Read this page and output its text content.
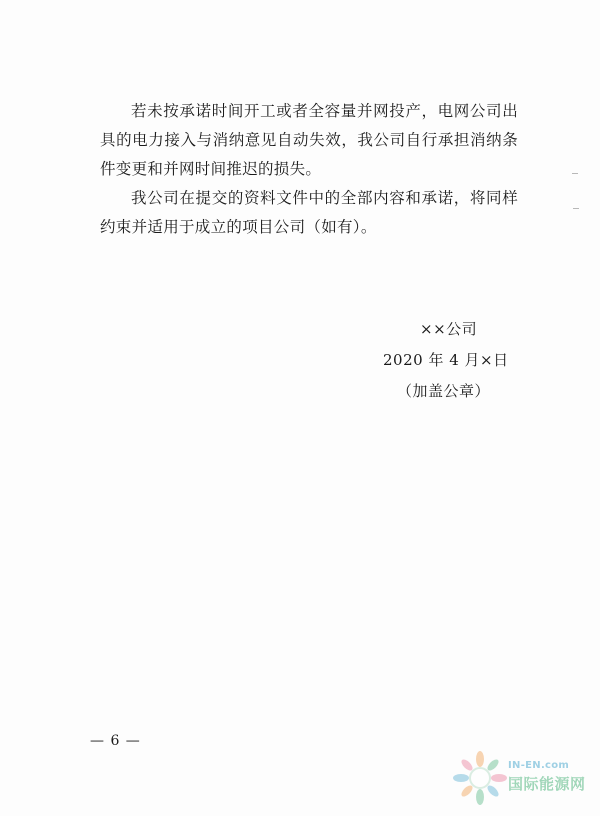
若未按承诺时间开工或者全容量并网投产，电网公司出具的电力接入与消纳意见自动失效，我公司自行承担消纳条件变更和并网时间推迟的损失。

我公司在提交的资料文件中的全部内容和承诺，将同样约束并适用于成立的项目公司（如有）。

××公司
2020 年 4 月×日
（加盖公章）
— 6 —
IN-EN.com
国际能源网
